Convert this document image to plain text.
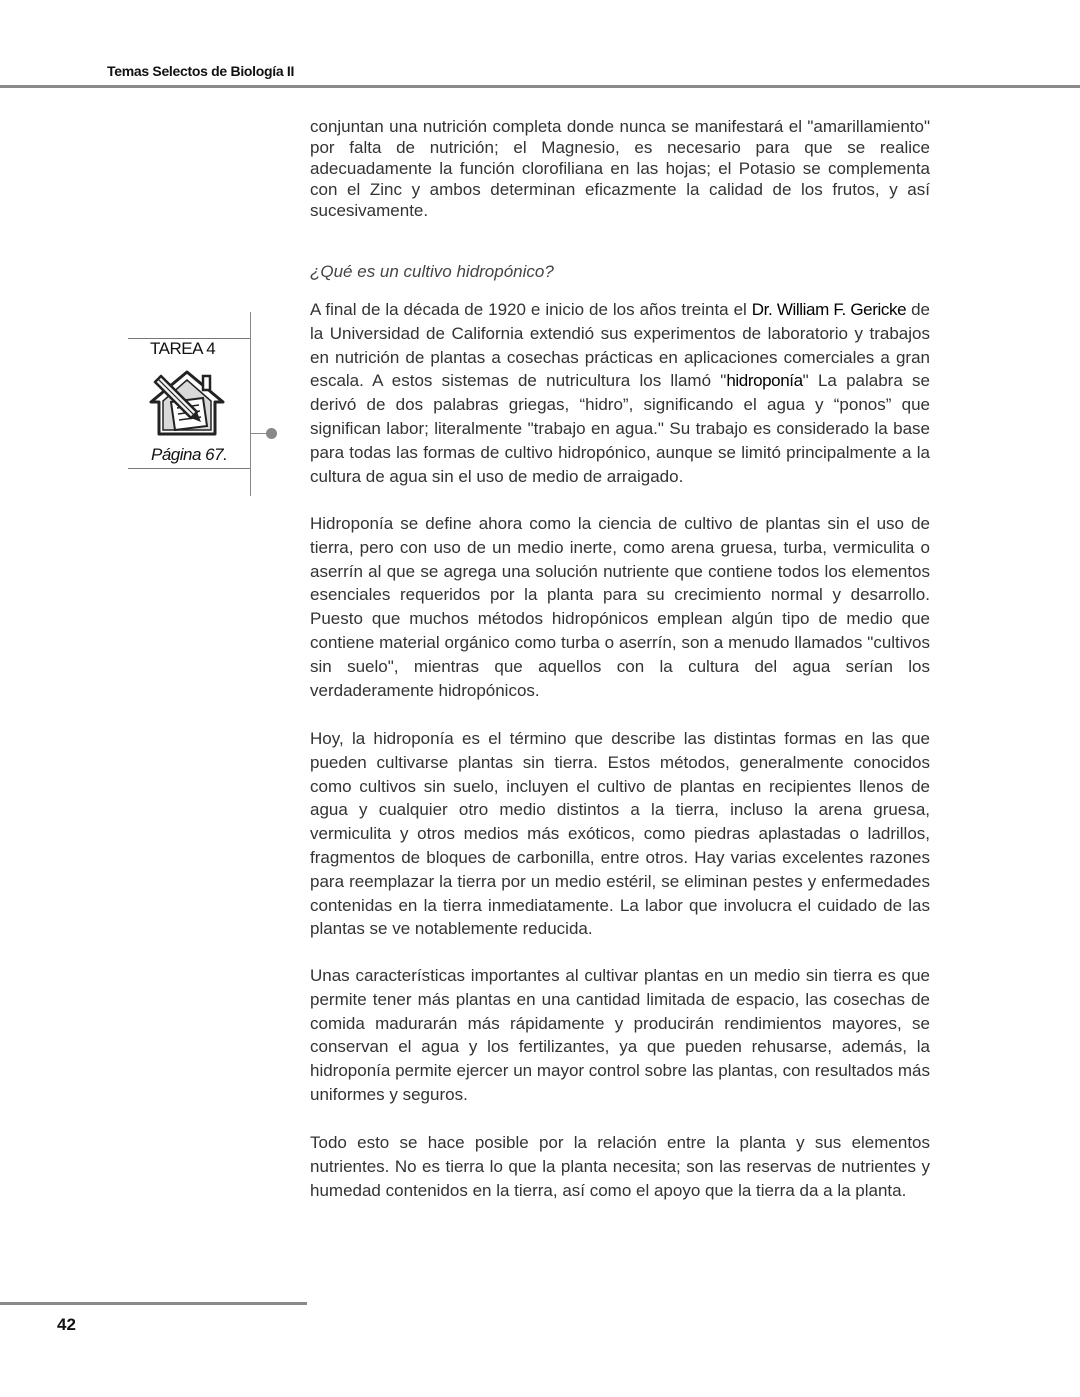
Temas Selectos de Biología II
TAREA 4
Página 67.

conjuntan una nutrición completa donde nunca se manifestará el "amarillamiento" por falta de nutrición; el Magnesio, es necesario para que se realice adecuadamente la función clorofiliana en las hojas; el Potasio se complementa con el Zinc y ambos determinan eficazmente la calidad de los frutos, y así sucesivamente.

¿Qué es un cultivo hidropónico?

A final de la década de 1920 e inicio de los años treinta el Dr. William F. Gericke de la Universidad de California extendió sus experimentos de laboratorio y trabajos en nutrición de plantas a cosechas prácticas en aplicaciones comerciales a gran escala. A estos sistemas de nutricultura los llamó "hidroponía" La palabra se derivó de dos palabras griegas, “hidro”, significando el agua y “ponos” que significan labor; literalmente "trabajo en agua." Su trabajo es considerado la base para todas las formas de cultivo hidropónico, aunque se limitó principalmente a la cultura de agua sin el uso de medio de arraigado.

Hidroponía se define ahora como la ciencia de cultivo de plantas sin el uso de tierra, pero con uso de un medio inerte, como arena gruesa, turba, vermiculita o aserrín al que se agrega una solución nutriente que contiene todos los elementos esenciales requeridos por la planta para su crecimiento normal y desarrollo. Puesto que muchos métodos hidropónicos emplean algún tipo de medio que contiene material orgánico como turba o aserrín, son a menudo llamados "cultivos sin suelo", mientras que aquellos con la cultura del agua serían los verdaderamente hidropónicos.

Hoy, la hidroponía es el término que describe las distintas formas en las que pueden cultivarse plantas sin tierra. Estos métodos, generalmente conocidos como cultivos sin suelo, incluyen el cultivo de plantas en recipientes llenos de agua y cualquier otro medio distintos a la tierra, incluso la arena gruesa, vermiculita y otros medios más exóticos, como piedras aplastadas o ladrillos, fragmentos de bloques de carbonilla, entre otros. Hay varias excelentes razones para reemplazar la tierra por un medio estéril, se eliminan pestes y enfermedades contenidas en la tierra inmediatamente. La labor que involucra el cuidado de las plantas se ve notablemente reducida.

Unas características importantes al cultivar plantas en un medio sin tierra es que permite tener más plantas en una cantidad limitada de espacio, las cosechas de comida madurarán más rápidamente y producirán rendimientos mayores, se conservan el agua y los fertilizantes, ya que pueden rehusarse, además, la hidroponía permite ejercer un mayor control sobre las plantas, con resultados más uniformes y seguros.

Todo esto se hace posible por la relación entre la planta y sus elementos nutrientes. No es tierra lo que la planta necesita; son las reservas de nutrientes y humedad contenidos en la tierra, así como el apoyo que la tierra da a la planta.

42
